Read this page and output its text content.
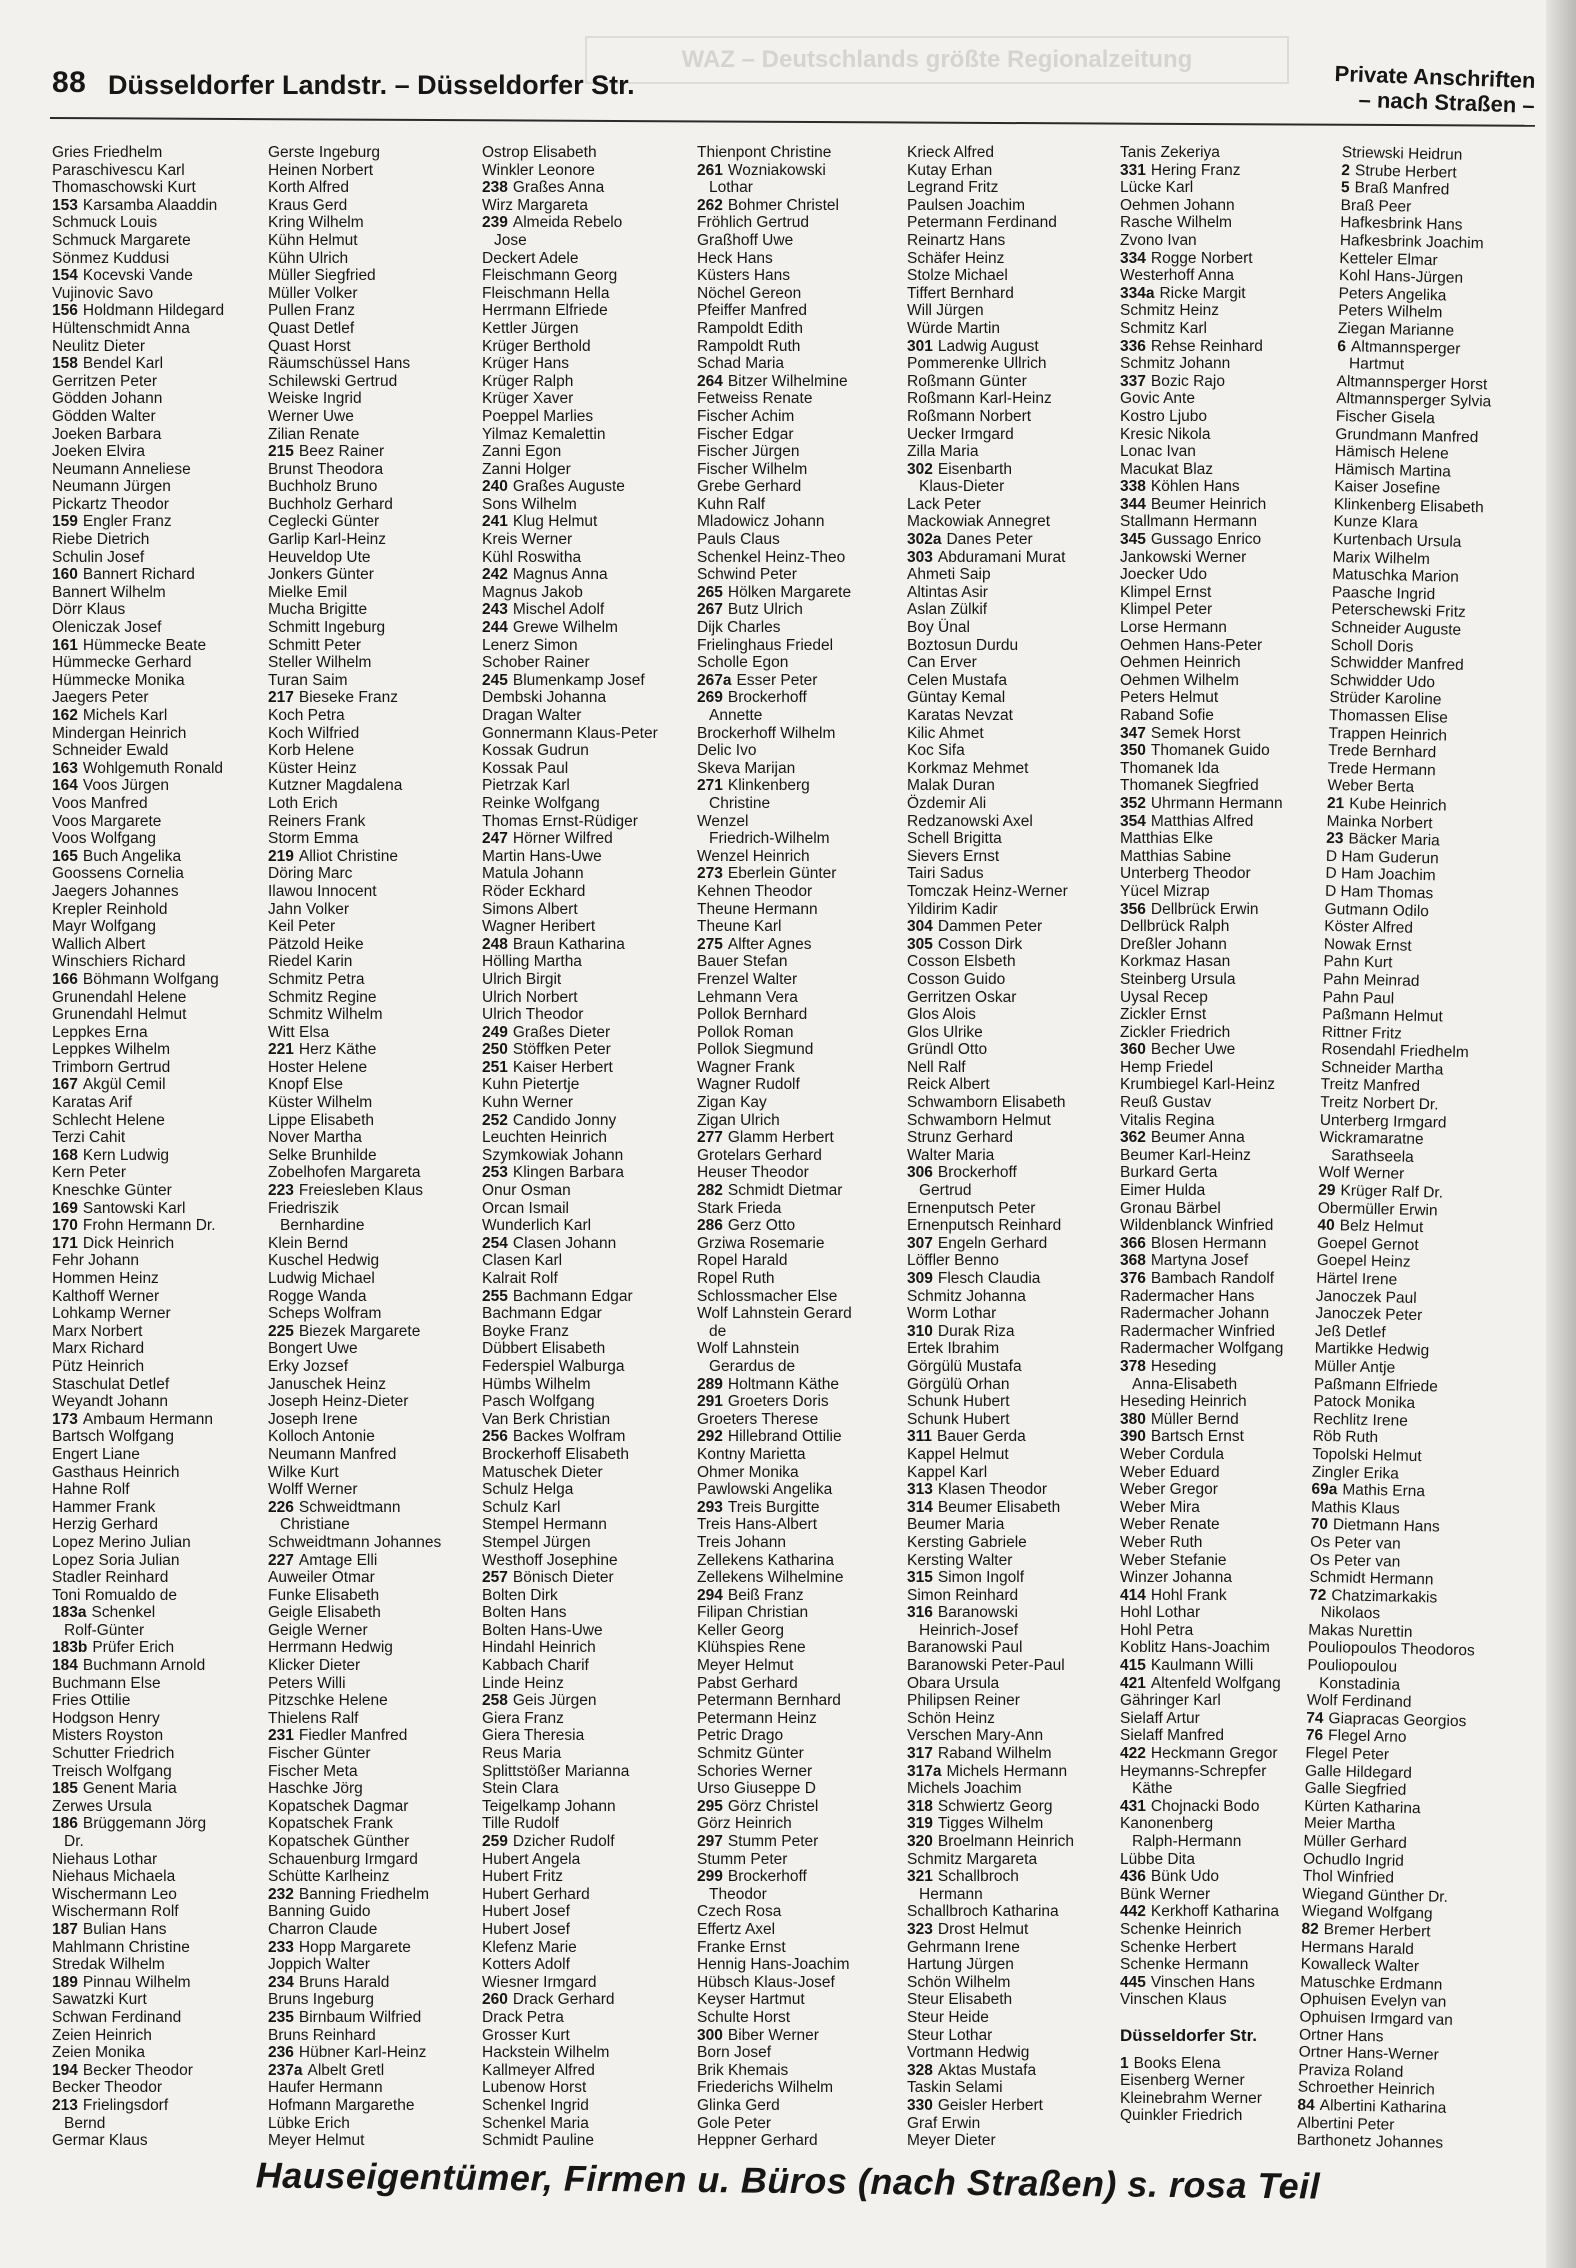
WAZ – Deutschlands größte Regionalzeitung
88 Düsseldorfer Landstr. – Düsseldorfer Str.	Private Anschriften
– nach Straßen –
Gries Friedhelm
Paraschivescu Karl
Thomaschowski Kurt
153 Karsamba Alaaddin
Schmuck Louis
Schmuck Margarete
Sönmez Kuddusi
154 Kocevski Vande
Vujinovic Savo
156 Holdmann Hildegard
Hültenschmidt Anna
Neulitz Dieter
158 Bendel Karl
Gerritzen Peter
Gödden Johann
Gödden Walter
Joeken Barbara
Joeken Elvira
Neumann Anneliese
Neumann Jürgen
Pickartz Theodor
159 Engler Franz
Riebe Dietrich
Schulin Josef
160 Bannert Richard
Bannert Wilhelm
Dörr Klaus
Oleniczak Josef
161 Hümmecke Beate
Hümmecke Gerhard
Hümmecke Monika
Jaegers Peter
162 Michels Karl
Mindergan Heinrich
Schneider Ewald
163 Wohlgemuth Ronald
164 Voos Jürgen
Voos Manfred
Voos Margarete
Voos Wolfgang
165 Buch Angelika
Goossens Cornelia
Jaegers Johannes
Krepler Reinhold
Mayr Wolfgang
Wallich Albert
Winschiers Richard
166 Böhmann Wolfgang
Grunendahl Helene
Grunendahl Helmut
Leppkes Erna
Leppkes Wilhelm
Trimborn Gertrud
167 Akgül Cemil
Karatas Arif
Schlecht Helene
Terzi Cahit
168 Kern Ludwig
Kern Peter
Kneschke Günter
169 Santowski Karl
170 Frohn Hermann Dr.
171 Dick Heinrich
Fehr Johann
Hommen Heinz
Kalthoff Werner
Lohkamp Werner
Marx Norbert
Marx Richard
Pütz Heinrich
Staschulat Detlef
Weyandt Johann
173 Ambaum Hermann
Bartsch Wolfgang
Engert Liane
Gasthaus Heinrich
Hahne Rolf
Hammer Frank
Herzig Gerhard
Lopez Merino Julian
Lopez Soria Julian
Stadler Reinhard
Toni Romualdo de
183a Schenkel
Rolf-Günter
183b Prüfer Erich
184 Buchmann Arnold
Buchmann Else
Fries Ottilie
Hodgson Henry
Misters Royston
Schutter Friedrich
Treisch Wolfgang
185 Genent Maria
Zerwes Ursula
186 Brüggemann Jörg
Dr.
Niehaus Lothar
Niehaus Michaela
Wischermann Leo
Wischermann Rolf
187 Bulian Hans
Mahlmann Christine
Stredak Wilhelm
189 Pinnau Wilhelm
Sawatzki Kurt
Schwan Ferdinand
Zeien Heinrich
Zeien Monika
194 Becker Theodor
Becker Theodor
213 Frielingsdorf
Bernd
Germar Klaus
Gerste Ingeburg
Heinen Norbert
Korth Alfred
Kraus Gerd
Kring Wilhelm
Kühn Helmut
Kühn Ulrich
Müller Siegfried
Müller Volker
Pullen Franz
Quast Detlef
Quast Horst
Räumschüssel Hans
Schilewski Gertrud
Weiske Ingrid
Werner Uwe
Zilian Renate
215 Beez Rainer
Brunst Theodora
Buchholz Bruno
Buchholz Gerhard
Ceglecki Günter
Garlip Karl-Heinz
Heuveldop Ute
Jonkers Günter
Mielke Emil
Mucha Brigitte
Schmitt Ingeburg
Schmitt Peter
Steller Wilhelm
Turan Saim
217 Bieseke Franz
Koch Petra
Koch Wilfried
Korb Helene
Küster Heinz
Kutzner Magdalena
Loth Erich
Reiners Frank
Storm Emma
219 Alliot Christine
Döring Marc
Ilawou Innocent
Jahn Volker
Keil Peter
Pätzold Heike
Riedel Karin
Schmitz Petra
Schmitz Regine
Schmitz Wilhelm
Witt Elsa
221 Herz Käthe
Hoster Helene
Knopf Else
Küster Wilhelm
Lippe Elisabeth
Nover Martha
Selke Brunhilde
Zobelhofen Margareta
223 Freiesleben Klaus
Friedriszik
Bernhardine
Klein Bernd
Kuschel Hedwig
Ludwig Michael
Rogge Wanda
Scheps Wolfram
225 Biezek Margarete
Bongert Uwe
Erky Jozsef
Januschek Heinz
Joseph Heinz-Dieter
Joseph Irene
Kolloch Antonie
Neumann Manfred
Wilke Kurt
Wolff Werner
226 Schweidtmann
Christiane
Schweidtmann Johannes
227 Amtage Elli
Auweiler Otmar
Funke Elisabeth
Geigle Elisabeth
Geigle Werner
Herrmann Hedwig
Klicker Dieter
Peters Willi
Pitzschke Helene
Thielens Ralf
231 Fiedler Manfred
Fischer Günter
Fischer Meta
Haschke Jörg
Kopatschek Dagmar
Kopatschek Frank
Kopatschek Günther
Schauenburg Irmgard
Schütte Karlheinz
232 Banning Friedhelm
Banning Guido
Charron Claude
233 Hopp Margarete
Joppich Walter
234 Bruns Harald
Bruns Ingeburg
235 Birnbaum Wilfried
Bruns Reinhard
236 Hübner Karl-Heinz
237a Albelt Gretl
Haufer Hermann
Hofmann Margarethe
Lübke Erich
Meyer Helmut
Ostrop Elisabeth
Winkler Leonore
238 Graßes Anna
Wirz Margareta
239 Almeida Rebelo
Jose
Deckert Adele
Fleischmann Georg
Fleischmann Hella
Herrmann Elfriede
Kettler Jürgen
Krüger Berthold
Krüger Hans
Krüger Ralph
Krüger Xaver
Poeppel Marlies
Yilmaz Kemalettin
Zanni Egon
Zanni Holger
240 Graßes Auguste
Sons Wilhelm
241 Klug Helmut
Kreis Werner
Kühl Roswitha
242 Magnus Anna
Magnus Jakob
243 Mischel Adolf
244 Grewe Wilhelm
Lenerz Simon
Schober Rainer
245 Blumenkamp Josef
Dembski Johanna
Dragan Walter
Gonnermann Klaus-Peter
Kossak Gudrun
Kossak Paul
Pietrzak Karl
Reinke Wolfgang
Thomas Ernst-Rüdiger
247 Hörner Wilfred
Martin Hans-Uwe
Matula Johann
Röder Eckhard
Simons Albert
Wagner Heribert
248 Braun Katharina
Hölling Martha
Ulrich Birgit
Ulrich Norbert
Ulrich Theodor
249 Graßes Dieter
250 Stöffken Peter
251 Kaiser Herbert
Kuhn Pietertje
Kuhn Werner
252 Candido Jonny
Leuchten Heinrich
Szymkowiak Johann
253 Klingen Barbara
Onur Osman
Orcan Ismail
Wunderlich Karl
254 Clasen Johann
Clasen Karl
Kalrait Rolf
255 Bachmann Edgar
Bachmann Edgar
Boyke Franz
Dübbert Elisabeth
Federspiel Walburga
Hümbs Wilhelm
Pasch Wolfgang
Van Berk Christian
256 Backes Wolfram
Brockerhoff Elisabeth
Matuschek Dieter
Schulz Helga
Schulz Karl
Stempel Hermann
Stempel Jürgen
Westhoff Josephine
257 Bönisch Dieter
Bolten Dirk
Bolten Hans
Bolten Hans-Uwe
Hindahl Heinrich
Kabbach Charif
Linde Heinz
258 Geis Jürgen
Giera Franz
Giera Theresia
Reus Maria
Splittstößer Marianna
Stein Clara
Teigelkamp Johann
Tille Rudolf
259 Dzicher Rudolf
Hubert Angela
Hubert Fritz
Hubert Gerhard
Hubert Josef
Hubert Josef
Klefenz Marie
Kotters Adolf
Wiesner Irmgard
260 Drack Gerhard
Drack Petra
Grosser Kurt
Hackstein Wilhelm
Kallmeyer Alfred
Lubenow Horst
Schenkel Ingrid
Schenkel Maria
Schmidt Pauline
Thienpont Christine
261 Wozniakowski
Lothar
262 Bohmer Christel
Fröhlich Gertrud
Graßhoff Uwe
Heck Hans
Küsters Hans
Nöchel Gereon
Pfeiffer Manfred
Rampoldt Edith
Rampoldt Ruth
Schad Maria
264 Bitzer Wilhelmine
Fetweiss Renate
Fischer Achim
Fischer Edgar
Fischer Jürgen
Fischer Wilhelm
Grebe Gerhard
Kuhn Ralf
Mladowicz Johann
Pauls Claus
Schenkel Heinz-Theo
Schwind Peter
265 Hölken Margarete
267 Butz Ulrich
Dijk Charles
Frielinghaus Friedel
Scholle Egon
267a Esser Peter
269 Brockerhoff
Annette
Brockerhoff Wilhelm
Delic Ivo
Skeva Marijan
271 Klinkenberg
Christine
Wenzel
Friedrich-Wilhelm
Wenzel Heinrich
273 Eberlein Günter
Kehnen Theodor
Theune Hermann
Theune Karl
275 Alfter Agnes
Bauer Stefan
Frenzel Walter
Lehmann Vera
Pollok Bernhard
Pollok Roman
Pollok Siegmund
Wagner Frank
Wagner Rudolf
Zigan Kay
Zigan Ulrich
277 Glamm Herbert
Grotelars Gerhard
Heuser Theodor
282 Schmidt Dietmar
Stark Frieda
286 Gerz Otto
Grziwa Rosemarie
Ropel Harald
Ropel Ruth
Schlossmacher Else
Wolf Lahnstein Gerard
de
Wolf Lahnstein
Gerardus de
289 Holtmann Käthe
291 Groeters Doris
Groeters Therese
292 Hillebrand Ottilie
Kontny Marietta
Ohmer Monika
Pawlowski Angelika
293 Treis Burgitte
Treis Hans-Albert
Treis Johann
Zellekens Katharina
Zellekens Wilhelmine
294 Beiß Franz
Filipan Christian
Keller Georg
Klühspies Rene
Meyer Helmut
Pabst Gerhard
Petermann Bernhard
Petermann Heinz
Petric Drago
Schmitz Günter
Schories Werner
Urso Giuseppe D
295 Görz Christel
Görz Heinrich
297 Stumm Peter
Stumm Peter
299 Brockerhoff
Theodor
Czech Rosa
Effertz Axel
Franke Ernst
Hennig Hans-Joachim
Hübsch Klaus-Josef
Keyser Hartmut
Schulte Horst
300 Biber Werner
Born Josef
Brik Khemais
Friederichs Wilhelm
Glinka Gerd
Gole Peter
Heppner Gerhard
Krieck Alfred
Kutay Erhan
Legrand Fritz
Paulsen Joachim
Petermann Ferdinand
Reinartz Hans
Schäfer Heinz
Stolze Michael
Tiffert Bernhard
Will Jürgen
Würde Martin
301 Ladwig August
Pommerenke Ullrich
Roßmann Günter
Roßmann Karl-Heinz
Roßmann Norbert
Uecker Irmgard
Zilla Maria
302 Eisenbarth
Klaus-Dieter
Lack Peter
Mackowiak Annegret
302a Danes Peter
303 Abduramani Murat
Ahmeti Saip
Altintas Asir
Aslan Zülkif
Boy Ünal
Boztosun Durdu
Can Erver
Celen Mustafa
Güntay Kemal
Karatas Nevzat
Kilic Ahmet
Koc Sifa
Korkmaz Mehmet
Malak Duran
Özdemir Ali
Redzanowski Axel
Schell Brigitta
Sievers Ernst
Tairi Sadus
Tomczak Heinz-Werner
Yildirim Kadir
304 Dammen Peter
305 Cosson Dirk
Cosson Elsbeth
Cosson Guido
Gerritzen Oskar
Glos Alois
Glos Ulrike
Gründl Otto
Nell Ralf
Reick Albert
Schwamborn Elisabeth
Schwamborn Helmut
Strunz Gerhard
Walter Maria
306 Brockerhoff
Gertrud
Ernenputsch Peter
Ernenputsch Reinhard
307 Engeln Gerhard
Löffler Benno
309 Flesch Claudia
Schmitz Johanna
Worm Lothar
310 Durak Riza
Ertek Ibrahim
Görgülü Mustafa
Görgülü Orhan
Schunk Hubert
Schunk Hubert
311 Bauer Gerda
Kappel Helmut
Kappel Karl
313 Klasen Theodor
314 Beumer Elisabeth
Beumer Maria
Kersting Gabriele
Kersting Walter
315 Simon Ingolf
Simon Reinhard
316 Baranowski
Heinrich-Josef
Baranowski Paul
Baranowski Peter-Paul
Obara Ursula
Philipsen Reiner
Schön Heinz
Verschen Mary-Ann
317 Raband Wilhelm
317a Michels Hermann
Michels Joachim
318 Schwiertz Georg
319 Tigges Wilhelm
320 Broelmann Heinrich
Schmitz Margareta
321 Schallbroch
Hermann
Schallbroch Katharina
323 Drost Helmut
Gehrmann Irene
Hartung Jürgen
Schön Wilhelm
Steur Elisabeth
Steur Heide
Steur Lothar
Vortmann Hedwig
328 Aktas Mustafa
Taskin Selami
330 Geisler Herbert
Graf Erwin
Meyer Dieter
Tanis Zekeriya
331 Hering Franz
Lücke Karl
Oehmen Johann
Rasche Wilhelm
Zvono Ivan
334 Rogge Norbert
Westerhoff Anna
334a Ricke Margit
Schmitz Heinz
Schmitz Karl
336 Rehse Reinhard
Schmitz Johann
337 Bozic Rajo
Govic Ante
Kostro Ljubo
Kresic Nikola
Lonac Ivan
Macukat Blaz
338 Köhlen Hans
344 Beumer Heinrich
Stallmann Hermann
345 Gussago Enrico
Jankowski Werner
Joecker Udo
Klimpel Ernst
Klimpel Peter
Lorse Hermann
Oehmen Hans-Peter
Oehmen Heinrich
Oehmen Wilhelm
Peters Helmut
Raband Sofie
347 Semek Horst
350 Thomanek Guido
Thomanek Ida
Thomanek Siegfried
352 Uhrmann Hermann
354 Matthias Alfred
Matthias Elke
Matthias Sabine
Unterberg Theodor
Yücel Mizrap
356 Dellbrück Erwin
Dellbrück Ralph
Dreßler Johann
Korkmaz Hasan
Steinberg Ursula
Uysal Recep
Zickler Ernst
Zickler Friedrich
360 Becher Uwe
Hemp Friedel
Krumbiegel Karl-Heinz
Reuß Gustav
Vitalis Regina
362 Beumer Anna
Beumer Karl-Heinz
Burkard Gerta
Eimer Hulda
Gronau Bärbel
Wildenblanck Winfried
366 Blosen Hermann
368 Martyna Josef
376 Bambach Randolf
Radermacher Hans
Radermacher Johann
Radermacher Winfried
Radermacher Wolfgang
378 Heseding
Anna-Elisabeth
Heseding Heinrich
380 Müller Bernd
390 Bartsch Ernst
Weber Cordula
Weber Eduard
Weber Gregor
Weber Mira
Weber Renate
Weber Ruth
Weber Stefanie
Winzer Johanna
414 Hohl Frank
Hohl Lothar
Hohl Petra
Koblitz Hans-Joachim
415 Kaulmann Willi
421 Altenfeld Wolfgang
Gähringer Karl
Sielaff Artur
Sielaff Manfred
422 Heckmann Gregor
Heymanns-Schrepfer
Käthe
431 Chojnacki Bodo
Kanonenberg
Ralph-Hermann
Lübbe Dita
436 Bünk Udo
Bünk Werner
442 Kerkhoff Katharina
Schenke Heinrich
Schenke Herbert
Schenke Hermann
445 Vinschen Hans
Vinschen Klaus
Düsseldorfer Str.
1 Books Elena
Eisenberg Werner
Kleinebrahm Werner
Quinkler Friedrich
Striewski Heidrun
2 Strube Herbert
5 Braß Manfred
Braß Peer
Hafkesbrink Hans
Hafkesbrink Joachim
Ketteler Elmar
Kohl Hans-Jürgen
Peters Angelika
Peters Wilhelm
Ziegan Marianne
6 Altmannsperger
Hartmut
Altmannsperger Horst
Altmannsperger Sylvia
Fischer Gisela
Grundmann Manfred
Hämisch Helene
Hämisch Martina
Kaiser Josefine
Klinkenberg Elisabeth
Kunze Klara
Kurtenbach Ursula
Marix Wilhelm
Matuschka Marion
Paasche Ingrid
Peterschewski Fritz
Schneider Auguste
Scholl Doris
Schwidder Manfred
Schwidder Udo
Strüder Karoline
Thomassen Elise
Trappen Heinrich
Trede Bernhard
Trede Hermann
Weber Berta
21 Kube Heinrich
Mainka Norbert
23 Bäcker Maria
D Ham Guderun
D Ham Joachim
D Ham Thomas
Gutmann Odilo
Köster Alfred
Nowak Ernst
Pahn Kurt
Pahn Meinrad
Pahn Paul
Paßmann Helmut
Rittner Fritz
Rosendahl Friedhelm
Schneider Martha
Treitz Manfred
Treitz Norbert Dr.
Unterberg Irmgard
Wickramaratne
Sarathseela
Wolf Werner
29 Krüger Ralf Dr.
Obermüller Erwin
40 Belz Helmut
Goepel Gernot
Goepel Heinz
Härtel Irene
Janoczek Paul
Janoczek Peter
Jeß Detlef
Martikke Hedwig
Müller Antje
Paßmann Elfriede
Patock Monika
Rechlitz Irene
Röb Ruth
Topolski Helmut
Zingler Erika
69a Mathis Erna
Mathis Klaus
70 Dietmann Hans
Os Peter van
Os Peter van
Schmidt Hermann
72 Chatzimarkakis
Nikolaos
Makas Nurettin
Pouliopoulos Theodoros
Pouliopoulou
Konstadinia
Wolf Ferdinand
74 Giapracas Georgios
76 Flegel Arno
Flegel Peter
Galle Hildegard
Galle Siegfried
Kürten Katharina
Meier Martha
Müller Gerhard
Ochudlo Ingrid
Thol Winfried
Wiegand Günther Dr.
Wiegand Wolfgang
82 Bremer Herbert
Hermans Harald
Kowalleck Walter
Matuschke Erdmann
Ophuisen Evelyn van
Ophuisen Irmgard van
Ortner Hans
Ortner Hans-Werner
Praviza Roland
Schroether Heinrich
84 Albertini Katharina
Albertini Peter
Barthonetz Johannes
Hauseigentümer, Firmen u. Büros (nach Straßen) s. rosa Teil
